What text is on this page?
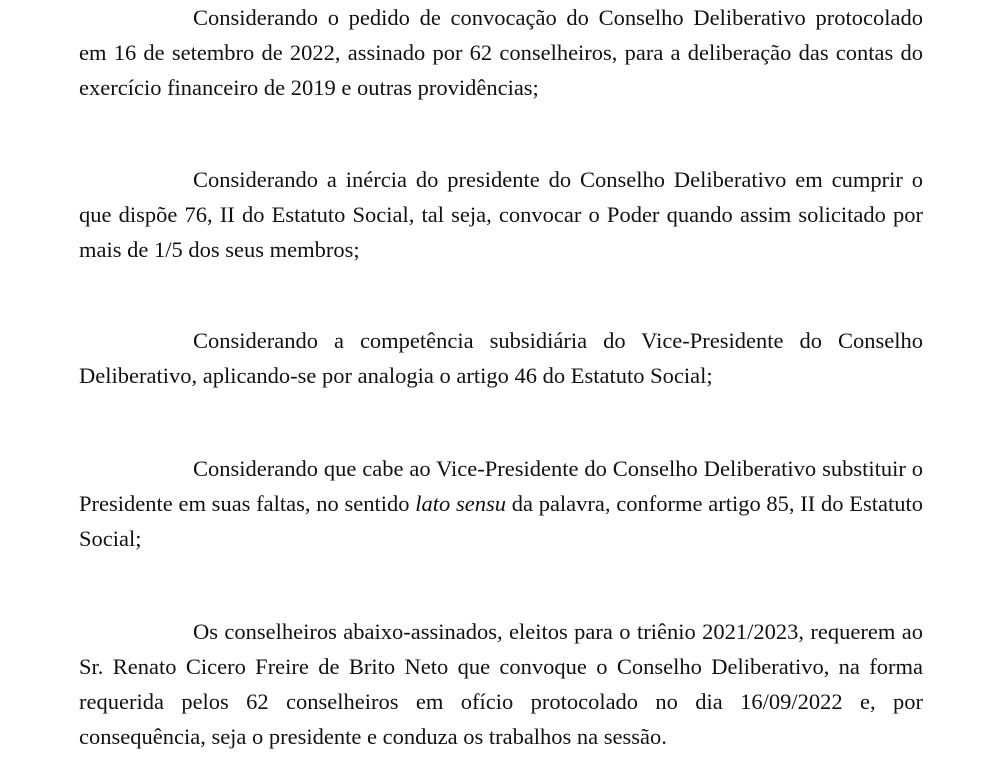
Considerando o pedido de convocação do Conselho Deliberativo protocolado em 16 de setembro de 2022, assinado por 62 conselheiros, para a deliberação das contas do exercício financeiro de 2019 e outras providências;

Considerando a inércia do presidente do Conselho Deliberativo em cumprir o que dispõe 76, II do Estatuto Social, tal seja, convocar o Poder quando assim solicitado por mais de 1/5 dos seus membros;

Considerando a competência subsidiária do Vice-Presidente do Conselho Deliberativo, aplicando-se por analogia o artigo 46 do Estatuto Social;

Considerando que cabe ao Vice-Presidente do Conselho Deliberativo substituir o Presidente em suas faltas, no sentido lato sensu da palavra, conforme artigo 85, II do Estatuto Social;

Os conselheiros abaixo-assinados, eleitos para o triênio 2021/2023, requerem ao Sr. Renato Cicero Freire de Brito Neto que convoque o Conselho Deliberativo, na forma requerida pelos 62 conselheiros em ofício protocolado no dia 16/09/2022 e, por consequência, seja o presidente e conduza os trabalhos na sessão.
